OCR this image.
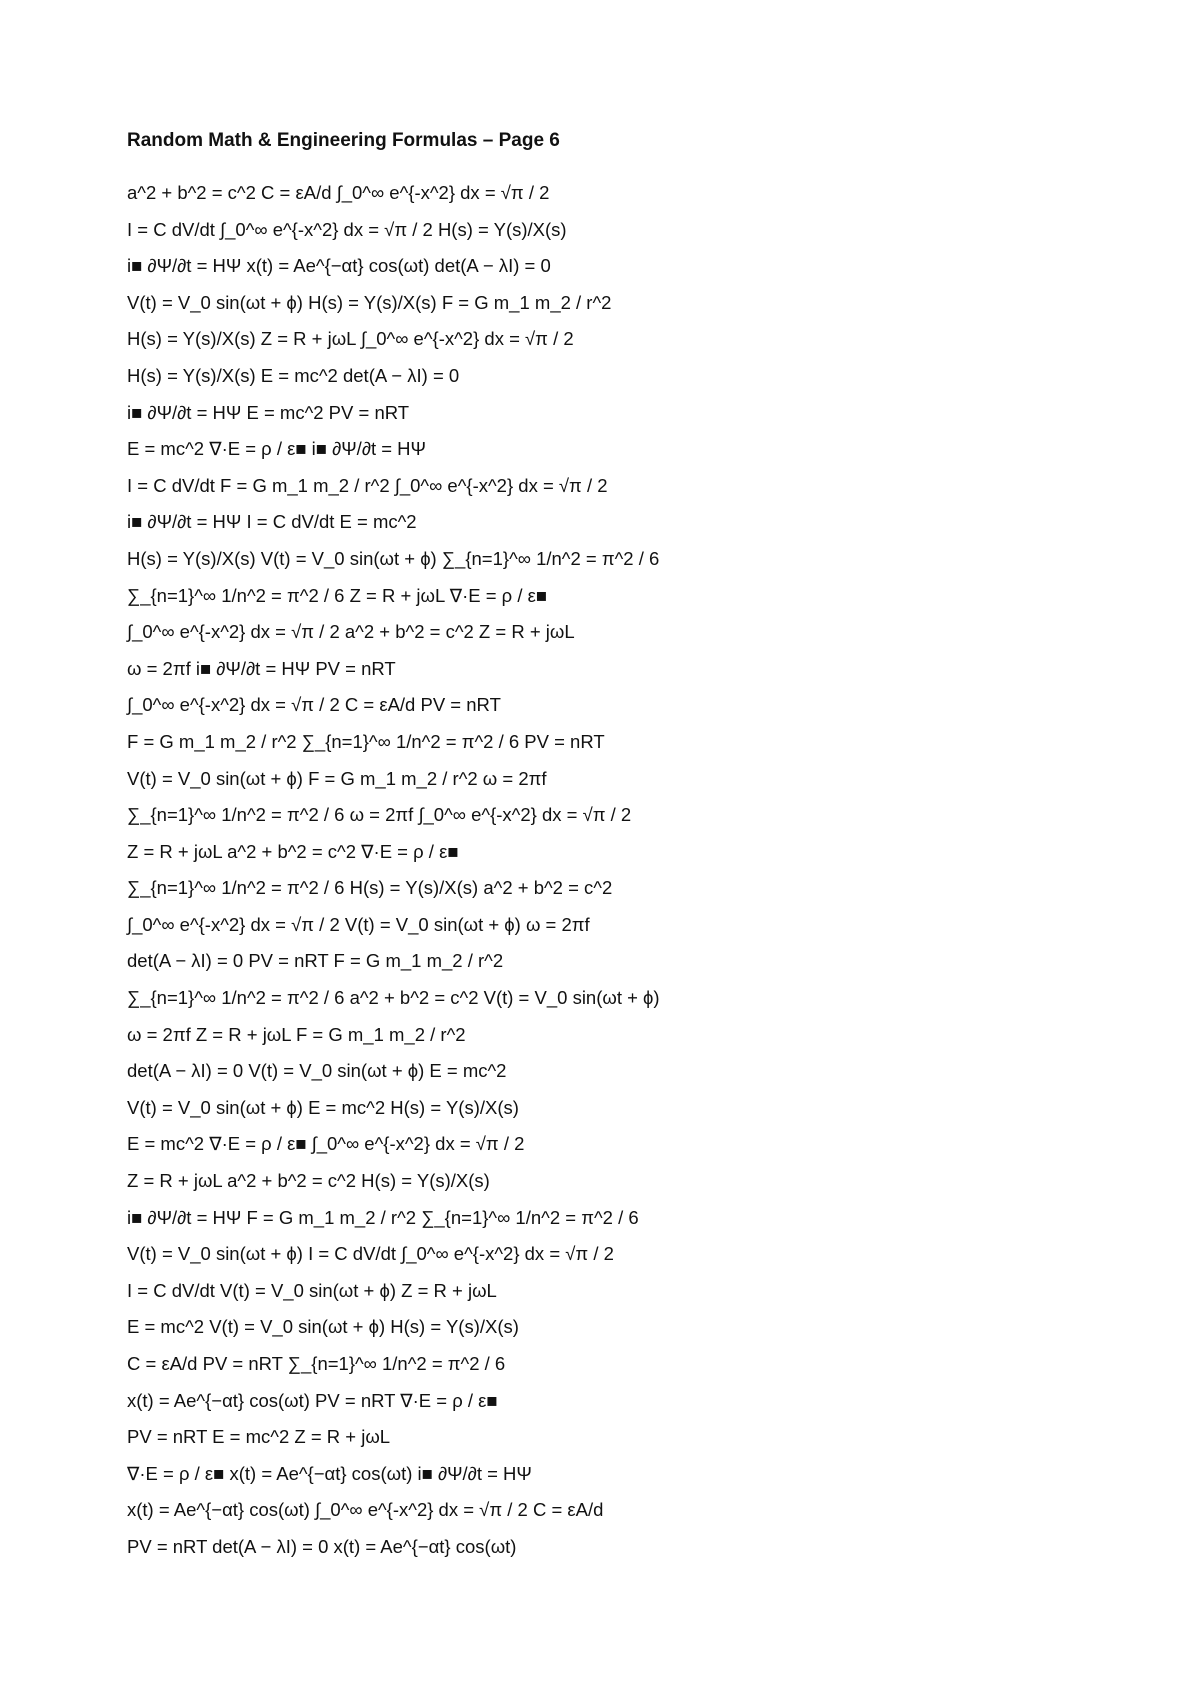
Random Math & Engineering Formulas – Page 6
a^2 + b^2 = c^2 C = εA/d ∫_0^∞ e^{-x^2} dx = √π / 2
I = C dV/dt ∫_0^∞ e^{-x^2} dx = √π / 2 H(s) = Y(s)/X(s)
i■ ∂Ψ/∂t = HΨ x(t) = Ae^{−αt} cos(ωt) det(A − λI) = 0
V(t) = V_0 sin(ωt + ϕ) H(s) = Y(s)/X(s) F = G m_1 m_2 / r^2
H(s) = Y(s)/X(s) Z = R + jωL ∫_0^∞ e^{-x^2} dx = √π / 2
H(s) = Y(s)/X(s) E = mc^2 det(A − λI) = 0
i■ ∂Ψ/∂t = HΨ E = mc^2 PV = nRT
E = mc^2 ∇·E = ρ / ε■ i■ ∂Ψ/∂t = HΨ
I = C dV/dt F = G m_1 m_2 / r^2 ∫_0^∞ e^{-x^2} dx = √π / 2
i■ ∂Ψ/∂t = HΨ I = C dV/dt E = mc^2
H(s) = Y(s)/X(s) V(t) = V_0 sin(ωt + ϕ) ∑_{n=1}^∞ 1/n^2 = π^2 / 6
∑_{n=1}^∞ 1/n^2 = π^2 / 6 Z = R + jωL ∇·E = ρ / ε■
∫_0^∞ e^{-x^2} dx = √π / 2 a^2 + b^2 = c^2 Z = R + jωL
ω = 2πf i■ ∂Ψ/∂t = HΨ PV = nRT
∫_0^∞ e^{-x^2} dx = √π / 2 C = εA/d PV = nRT
F = G m_1 m_2 / r^2 ∑_{n=1}^∞ 1/n^2 = π^2 / 6 PV = nRT
V(t) = V_0 sin(ωt + ϕ) F = G m_1 m_2 / r^2 ω = 2πf
∑_{n=1}^∞ 1/n^2 = π^2 / 6 ω = 2πf ∫_0^∞ e^{-x^2} dx = √π / 2
Z = R + jωL a^2 + b^2 = c^2 ∇·E = ρ / ε■
∑_{n=1}^∞ 1/n^2 = π^2 / 6 H(s) = Y(s)/X(s) a^2 + b^2 = c^2
∫_0^∞ e^{-x^2} dx = √π / 2 V(t) = V_0 sin(ωt + ϕ) ω = 2πf
det(A − λI) = 0 PV = nRT F = G m_1 m_2 / r^2
∑_{n=1}^∞ 1/n^2 = π^2 / 6 a^2 + b^2 = c^2 V(t) = V_0 sin(ωt + ϕ)
ω = 2πf Z = R + jωL F = G m_1 m_2 / r^2
det(A − λI) = 0 V(t) = V_0 sin(ωt + ϕ) E = mc^2
V(t) = V_0 sin(ωt + ϕ) E = mc^2 H(s) = Y(s)/X(s)
E = mc^2 ∇·E = ρ / ε■ ∫_0^∞ e^{-x^2} dx = √π / 2
Z = R + jωL a^2 + b^2 = c^2 H(s) = Y(s)/X(s)
i■ ∂Ψ/∂t = HΨ F = G m_1 m_2 / r^2 ∑_{n=1}^∞ 1/n^2 = π^2 / 6
V(t) = V_0 sin(ωt + ϕ) I = C dV/dt ∫_0^∞ e^{-x^2} dx = √π / 2
I = C dV/dt V(t) = V_0 sin(ωt + ϕ) Z = R + jωL
E = mc^2 V(t) = V_0 sin(ωt + ϕ) H(s) = Y(s)/X(s)
C = εA/d PV = nRT ∑_{n=1}^∞ 1/n^2 = π^2 / 6
x(t) = Ae^{−αt} cos(ωt) PV = nRT ∇·E = ρ / ε■
PV = nRT E = mc^2 Z = R + jωL
∇·E = ρ / ε■ x(t) = Ae^{−αt} cos(ωt) i■ ∂Ψ/∂t = HΨ
x(t) = Ae^{−αt} cos(ωt) ∫_0^∞ e^{-x^2} dx = √π / 2 C = εA/d
PV = nRT det(A − λI) = 0 x(t) = Ae^{−αt} cos(ωt)
